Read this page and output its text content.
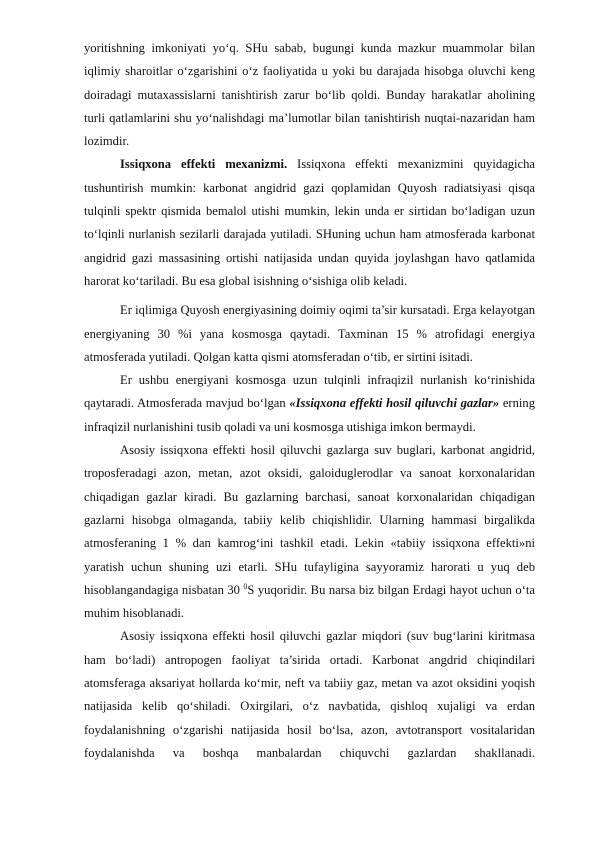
yoritishning imkoniyati yo‘q. SHu sabab, bugungi kunda mazkur muammolar bilan iqlimiy sharoitlar o‘zgarishini o‘z faoliyatida u yoki bu darajada hisobga oluvchi keng doiradagi mutaxassislarni tanishtirish zarur bo‘lib qoldi. Bunday harakatlar aholining turli qatlamlarini shu yo‘nalishdagi ma’lumotlar bilan tanishtirish nuqtai-nazaridan ham lozimdir.

Issiqxona effekti mexanizmi. Issiqxona effekti mexanizmini quyidagicha tushuntirish mumkin: karbonat angidrid gazi qoplamidan Quyosh radiatsiyasi qisqa tulqinli spektr qismida bemalol utishi mumkin, lekin unda er sirtidan bo‘ladigan uzun to‘lqinli nurlanish sezilarli darajada yutiladi. SHuning uchun ham atmosferada karbonat angidrid gazi massasining ortishi natijasida undan quyida joylashgan havo qatlamida harorat ko‘tariladi. Bu esa global isishning o‘sishiga olib keladi.

Er iqlimiga Quyosh energiyasining doimiy oqimi ta’sir kursatadi. Erga kelayotgan energiyaning 30 %i yana kosmosga qaytadi. Taxminan 15 % atrofidagi energiya atmosferada yutiladi. Qolgan katta qismi atomsferadan o‘tib, er sirtini isitadi.

Er ushbu energiyani kosmosga uzun tulqinli infraqizil nurlanish ko‘rinishida qaytaradi. Atmosferada mavjud bo‘lgan «Issiqxona effekti hosil qiluvchi gazlar» erning infraqizil nurlanishini tusib qoladi va uni kosmosga utishiga imkon bermaydi.

Asosiy issiqxona effekti hosil qiluvchi gazlarga suv buglari, karbonat angidrid, troposferadagi azon, metan, azot oksidi, galoiduglerodlar va sanoat korxonalaridan chiqadigan gazlar kiradi. Bu gazlarning barchasi, sanoat korxonalaridan chiqadigan gazlarni hisobga olmaganda, tabiiy kelib chiqishlidir. Ularning hammasi birgalikda atmosferaning 1 % dan kamrog‘ini tashkil etadi. Lekin «tabiiy issiqxona effekti»ni yaratish uchun shuning uzi etarli. SHu tufayligina sayyoramiz harorati u yuq deb hisoblangandagiga nisbatan 30 $^0$S yuqoridir. Bu narsa biz bilgan Erdagi hayot uchun o‘ta muhim hisoblanadi.

Asosiy issiqxona effekti hosil qiluvchi gazlar miqdori (suv bug‘larini kiritmasa ham bo‘ladi) antropogen faoliyat ta’sirida ortadi. Karbonat angdrid chiqindilari atomsferaga aksariyat hollarda ko‘mir, neft va tabiiy gaz, metan va azot oksidini yoqish natijasida kelib qo‘shiladi. Oxirgilari, o‘z navbatida, qishloq xujaligi va erdan foydalanishning o‘zgarishi natijasida hosil bo‘lsa, azon, avtotransport vositalaridan foydalanishda va boshqa manbalardan chiquvchi gazlardan shakllanadi.
